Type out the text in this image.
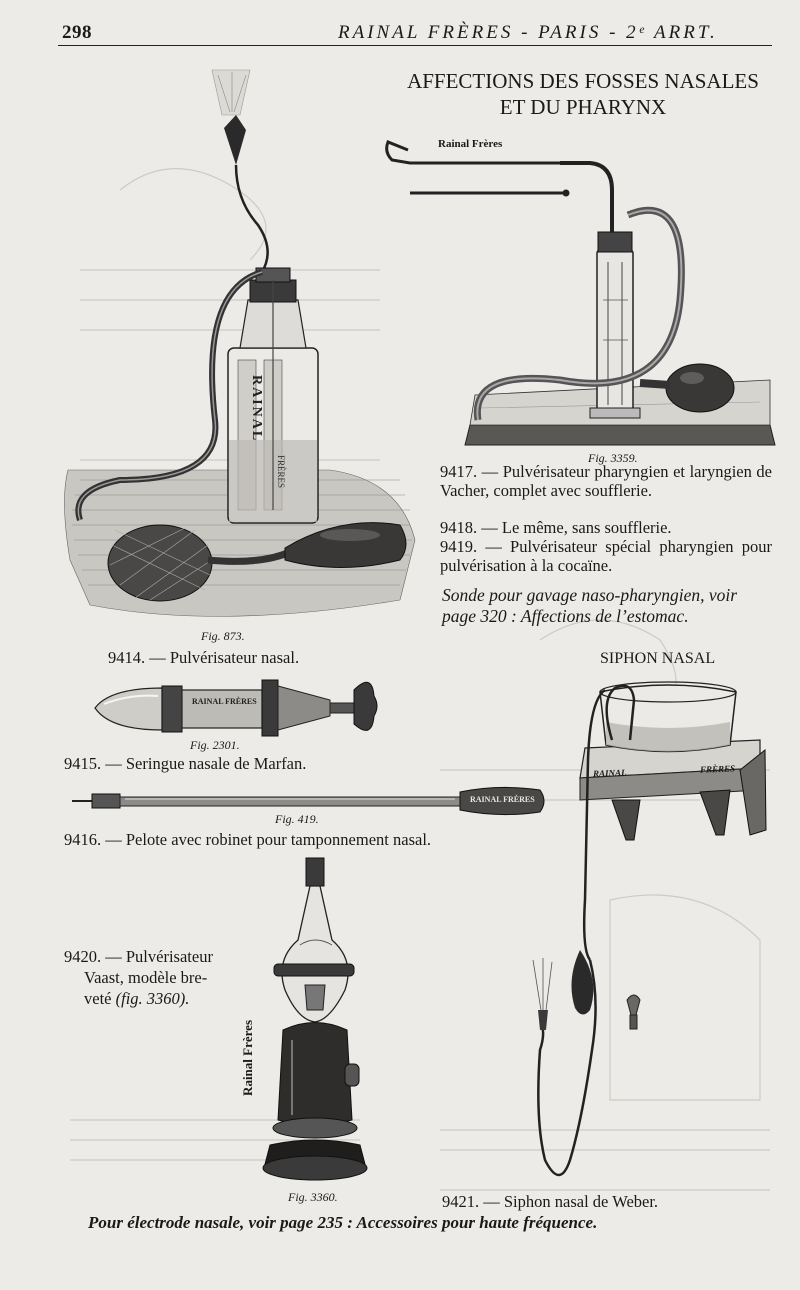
298	RAINAL FRÈRES - PARIS - 2ᵉ ARRT.
AFFECTIONS DES FOSSES NASALES
ET DU PHARYNX
Rainal Frères
Fig. 3359.
9417. — Pulvérisateur pharyngien et laryngien de Vacher, complet avec soufflerie.
9418. — Le même, sans soufflerie.
9419. — Pulvérisateur spécial pharyngien pour pulvérisation à la cocaïne.
Sonde pour gavage naso-pharyngien, voir page 320 : Affections de l’estomac.
RAINAL
FRÈRES
Fig. 873.
9414. — Pulvérisateur nasal.	SIPHON NASAL
RAINAL	FRÈRES
RAINAL FRÈRES
Fig. 2301.
9415. — Seringue nasale de Marfan.
RAINAL FRÈRES
Fig. 419.
9416. — Pelote avec robinet pour tamponnement nasal.
Rainal Frères
Fig. 3360.
9420. — Pulvérisateur
Vaast, modèle bre-
veté (fig. 3360).
9421. — Siphon nasal de Weber.
Pour électrode nasale, voir page 235 : Accessoires pour haute fréquence.
